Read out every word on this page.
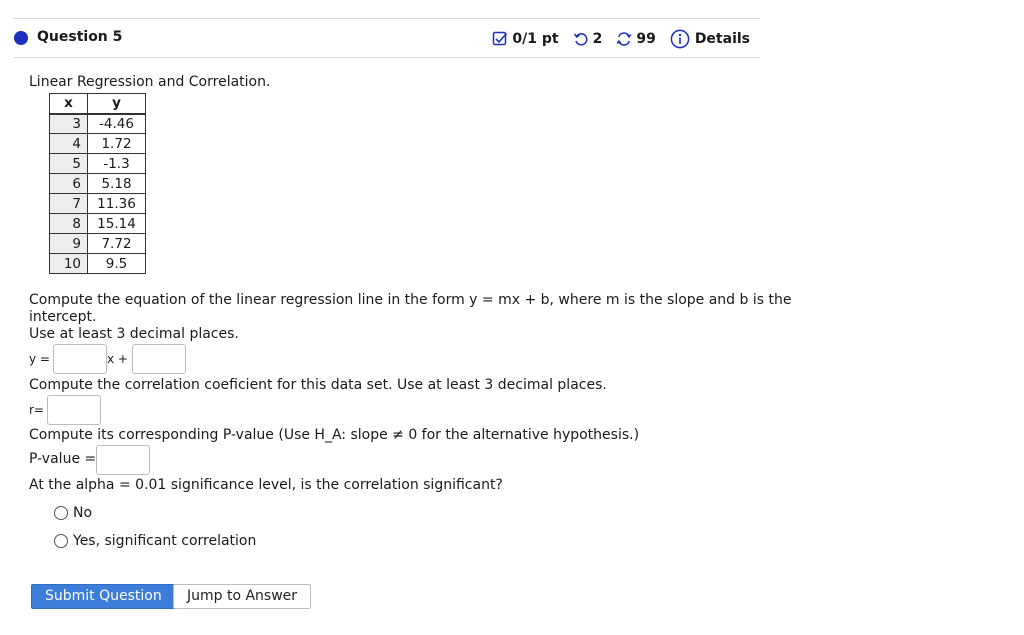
Question 5	0/1 pt 2 99	Details
Linear Regression and Correlation.
x	y
3	-4.46
4	1.72
5	-1.3
6	5.18
7	11.36
8	15.14
9	7.72
10	9.5
Compute the equation of the linear regression line in the form y = mx + b, where m is the slope and b is the
intercept.
Use at least 3 decimal places.
y =	x +
Compute the correlation coeficient for this data set. Use at least 3 decimal places.
r=
Compute its corresponding P-value (Use H_A: slope ≠ 0 for the alternative hypothesis.)
P-value =
At the alpha = 0.01 significance level, is the correlation significant?
No
Yes, significant correlation
Submit Question	Jump to Answer
